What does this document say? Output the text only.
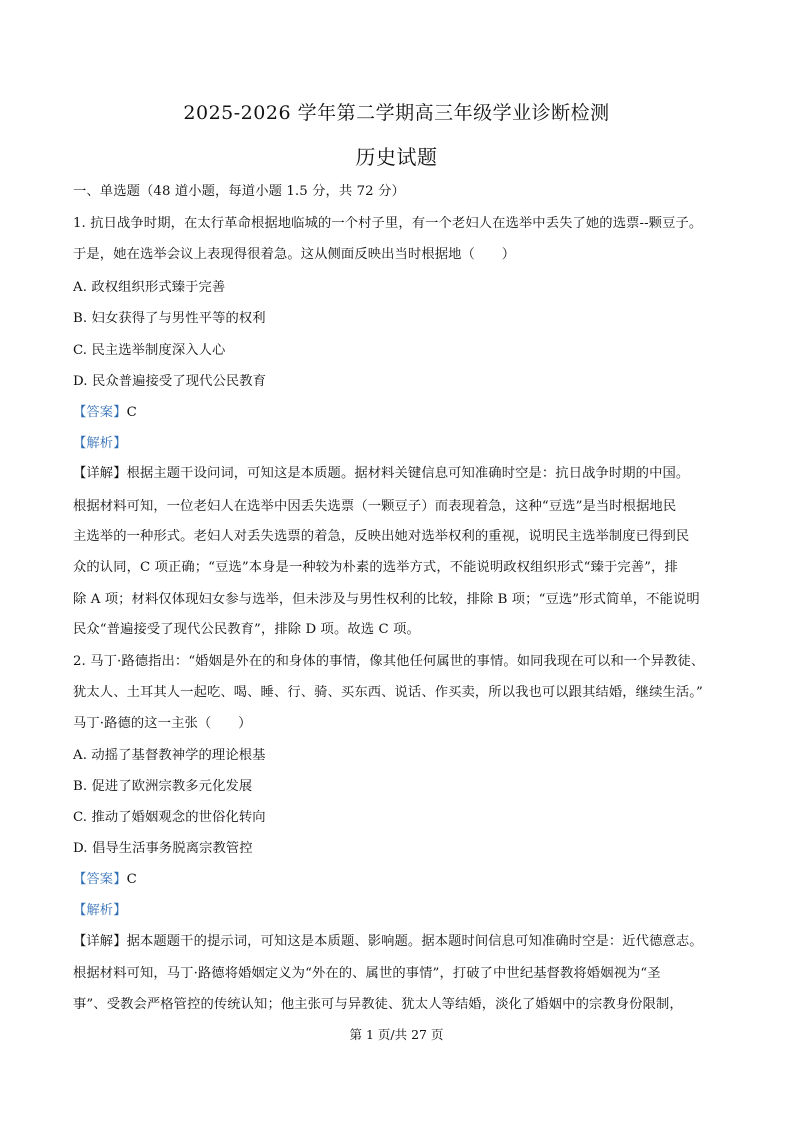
2025-2026 学年第二学期高三年级学业诊断检测
历史试题
一、单选题（48 道小题，每道小题 1.5 分，共 72 分）
1. 抗日战争时期，在太行革命根据地临城的一个村子里，有一个老妇人在选举中丢失了她的选票--颗豆子。
于是，她在选举会议上表现得很着急。这从侧面反映出当时根据地（　　）
A. 政权组织形式臻于完善
B. 妇女获得了与男性平等的权利
C. 民主选举制度深入人心
D. 民众普遍接受了现代公民教育
【答案】C
【解析】
【详解】根据主题干设问词，可知这是本质题。据材料关键信息可知准确时空是：抗日战争时期的中国。
根据材料可知，一位老妇人在选举中因丢失选票（一颗豆子）而表现着急，这种“豆选”是当时根据地民
主选举的一种形式。老妇人对丢失选票的着急，反映出她对选举权利的重视，说明民主选举制度已得到民
众的认同，C 项正确；“豆选”本身是一种较为朴素的选举方式，不能说明政权组织形式“臻于完善”，排
除 A 项；材料仅体现妇女参与选举，但未涉及与男性权利的比较，排除 B 项；“豆选”形式简单，不能说明
民众“普遍接受了现代公民教育”，排除 D 项。故选 C 项。
2. 马丁·路德指出：“婚姻是外在的和身体的事情，像其他任何属世的事情。如同我现在可以和一个异教徒、
犹太人、土耳其人一起吃、喝、睡、行、骑、买东西、说话、作买卖，所以我也可以跟其结婚，继续生活。”
马丁·路德的这一主张（　　）
A. 动摇了基督教神学的理论根基
B. 促进了欧洲宗教多元化发展
C. 推动了婚姻观念的世俗化转向
D. 倡导生活事务脱离宗教管控
【答案】C
【解析】
【详解】据本题题干的提示词，可知这是本质题、影响题。据本题时间信息可知准确时空是：近代德意志。
根据材料可知，马丁·路德将婚姻定义为“外在的、属世的事情”，打破了中世纪基督教将婚姻视为“圣
事”、受教会严格管控的传统认知；他主张可与异教徒、犹太人等结婚，淡化了婚姻中的宗教身份限制，
第 1 页/共 27 页
